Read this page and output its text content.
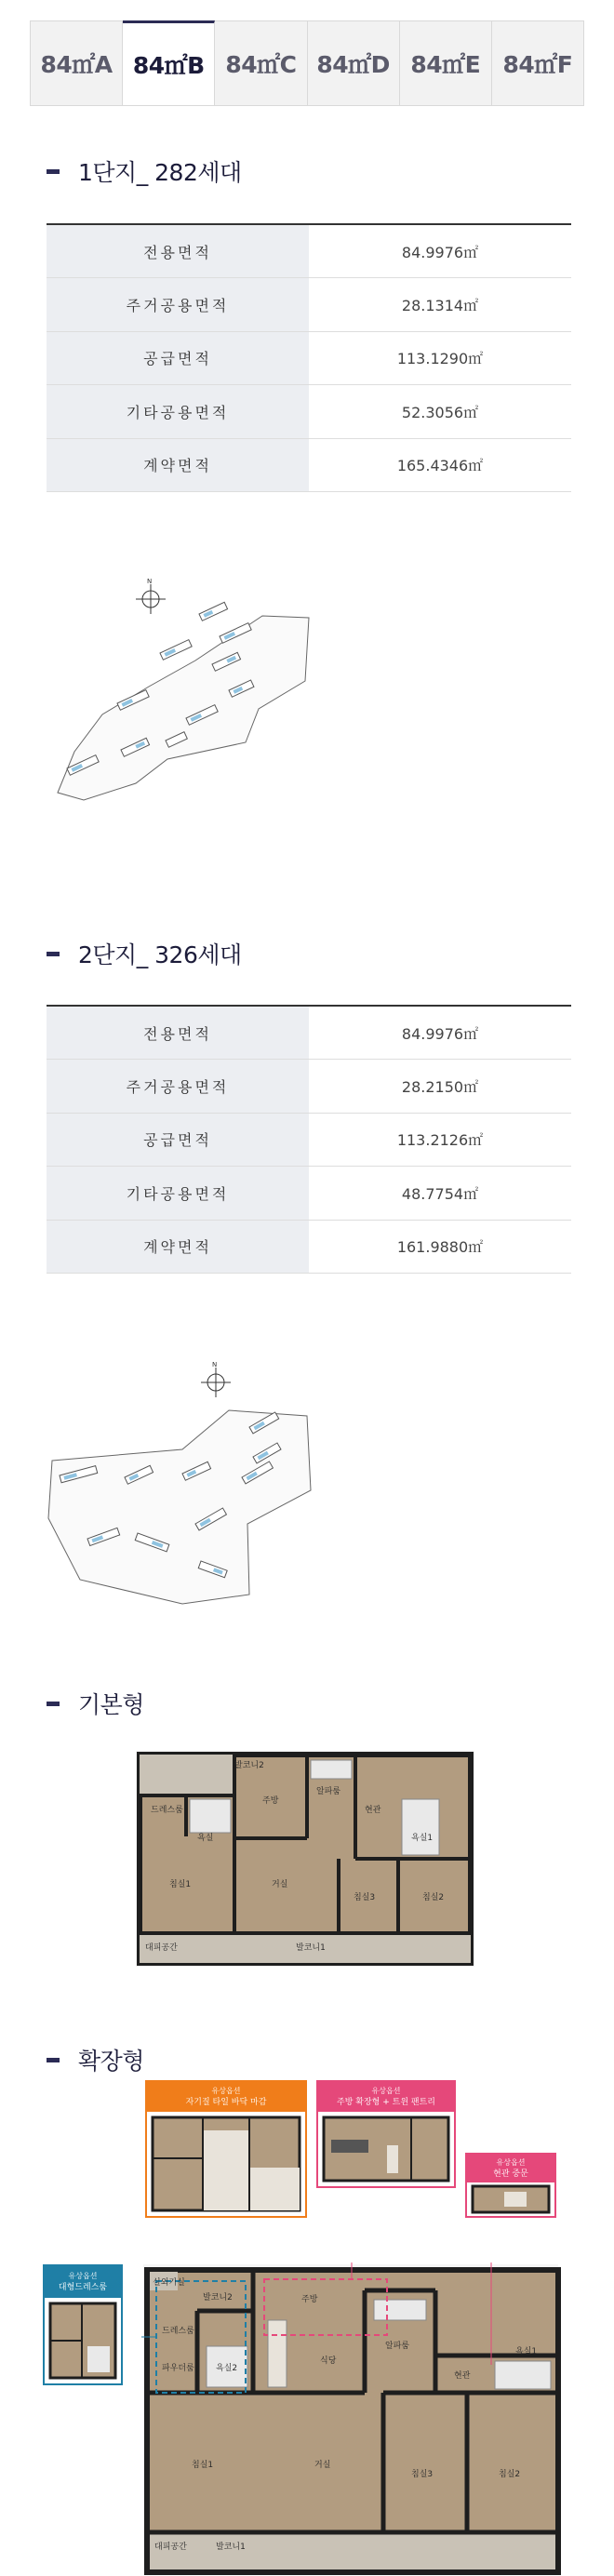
84㎡A 84㎡B 84㎡C 84㎡D 84㎡E 84㎡F
1단지_ 282세대
전용면적	84.9976㎡
주거공용면적	28.1314㎡
공급면적	113.1290㎡
기타공용면적	52.3056㎡
계약면적	165.4346㎡
N
2단지_ 326세대
전용면적	84.9976㎡
주거공용면적	28.2150㎡
공급면적	113.2126㎡
기타공용면적	48.7754㎡
계약면적	161.9880㎡
N
기본형
발코니2
드레스룸
욕실
주방
알파룸
현관
침실1	거실
침실3	침실2
욕실1
대피공간	발코니1
확장형
유상옵션
자기질 타일 바닥 마감
유상옵션
주방 확장형 + 트윈 팬트리
유상옵션
현관 중문
유상옵션
대형드레스룸	실외기실
발코니2
드레스룸
파우더룸	욕실2
주방
식당
알파룸
현관
욕실1
침실1	거실
침실3	침실2
대피공간	발코니1
